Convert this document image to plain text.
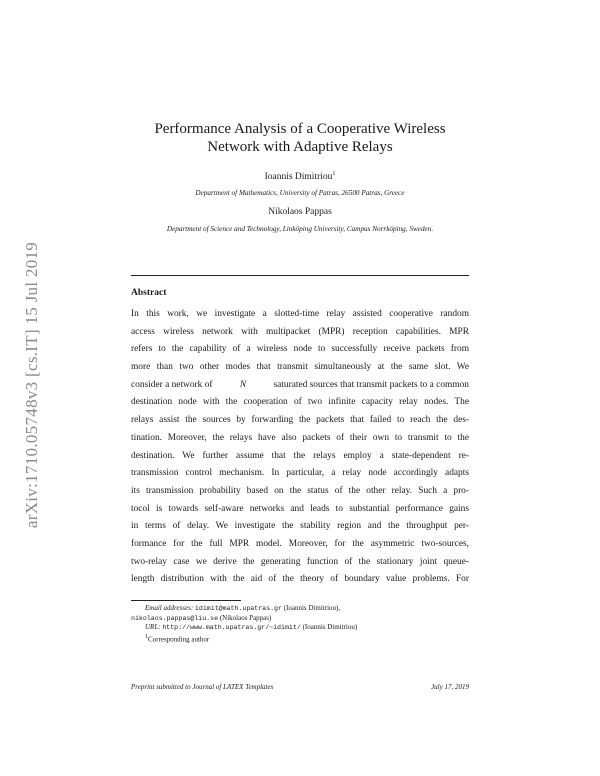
arXiv:1710.05748v3 [cs.IT] 15 Jul 2019
Performance Analysis of a Cooperative Wireless
Network with Adaptive Relays
Ioannis Dimitriou$^1$
Department of Mathematics, University of Patras, 26500 Patras, Greece
Nikolaos Pappas
Department of Science and Technology, Linköping University, Campus Norrköping, Sweden.
Abstract
In this work, we investigate a slotted-time relay assisted cooperative random
access wireless network with multipacket (MPR) reception capabilities. MPR
refers to the capability of a wireless node to successfully receive packets from
more than two other modes that transmit simultaneously at the same slot. We
consider a network of	N	saturated sources that transmit packets to a common
destination node with the cooperation of two infinite capacity relay nodes. The
relays assist the sources by forwarding the packets that failed to reach the des-
tination. Moreover, the relays have also packets of their own to transmit to the
destination. We further assume that the relays employ a state-dependent re-
transmission control mechanism. In particular, a relay node accordingly adapts
its transmission probability based on the status of the other relay. Such a pro-
tocol is towards self-aware networks and leads to substantial performance gains
in terms of delay. We investigate the stability region and the throughput per-
formance for the full MPR model. Moreover, for the asymmetric two-sources,
two-relay case we derive the generating function of the stationary joint queue-
length distribution with the aid of the theory of boundary value problems. For
Email addresses: idimit@math.upatras.gr (Ioannis Dimitriou),
nikolaos.pappas@liu.se (Nikolaos Pappas)
URL: http://www.math.upatras.gr/~idimit/ (Ioannis Dimitriou)
$^1$Corresponding author
Preprint submitted to Journal of LATEX Templates	July 17, 2019
